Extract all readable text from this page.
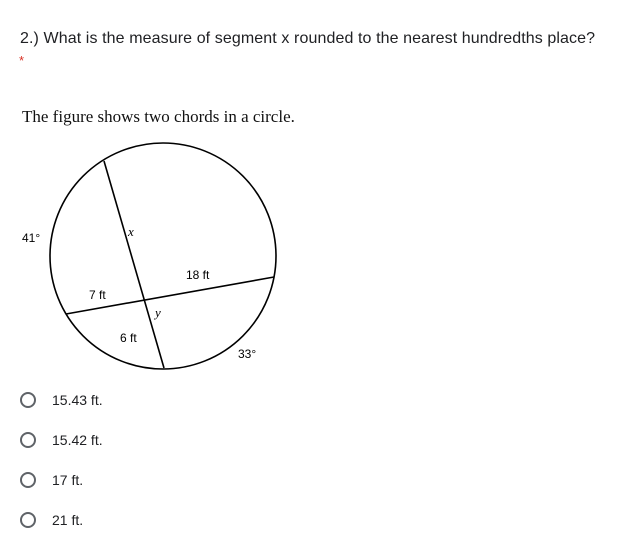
2.) What is the measure of segment x rounded to the nearest hundredths place?
*
The figure shows two chords in a circle.
41°	x
18 ft
7 ft
y
6 ft
33°
15.43 ft.
15.42 ft.
17 ft.
21 ft.
